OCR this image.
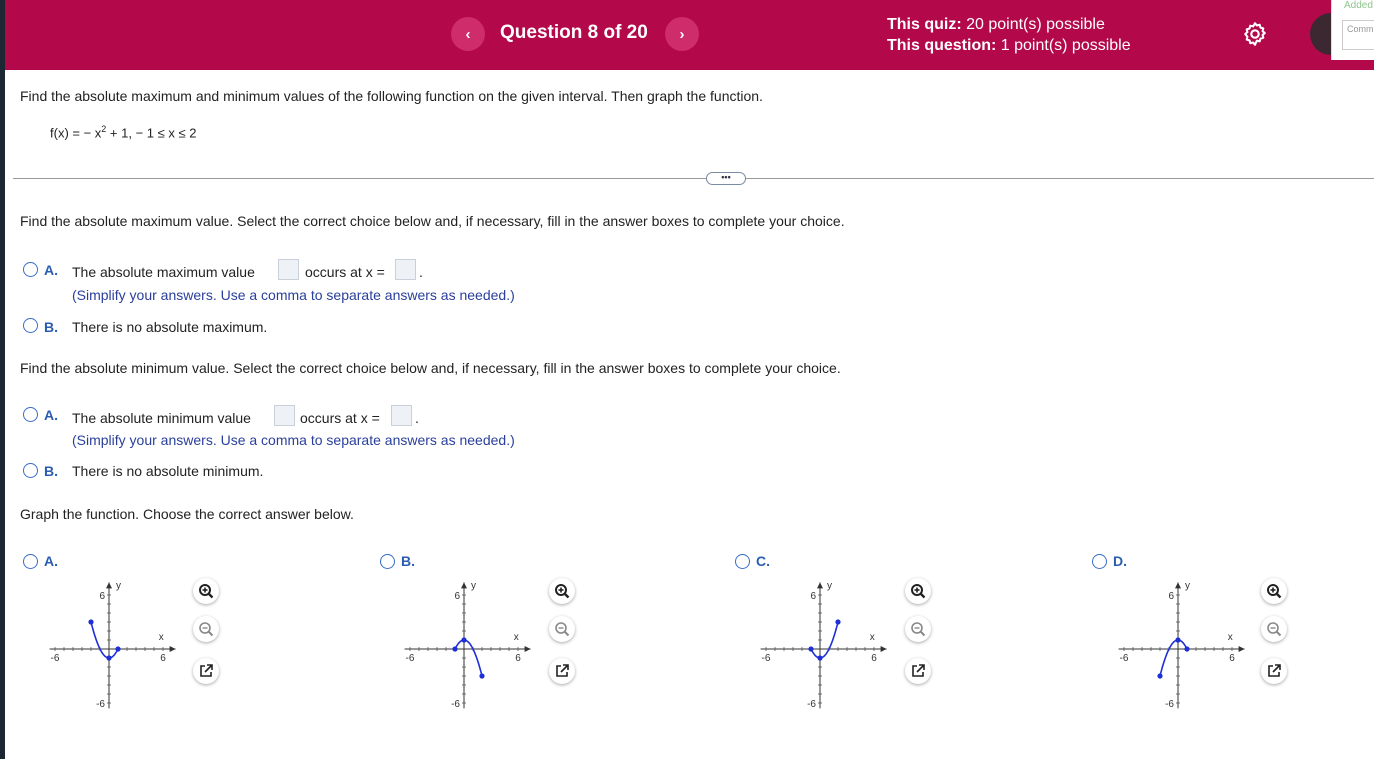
‹ Question 8 of 20 ›
This quiz: 20 point(s) possible
This question: 1 point(s) possible
Added
Comm
Find the absolute maximum and minimum values of the following function on the given interval. Then graph the function.
f(x) = − $x^2 + 1$, − 1 ≤ x ≤ 2
•••
Find the absolute maximum value. Select the correct choice below and, if necessary, fill in the answer boxes to complete your choice.
A. The absolute maximum value	occurs at x = .
(Simplify your answers. Use a comma to separate answers as needed.)
B. There is no absolute maximum.
Find the absolute minimum value. Select the correct choice below and, if necessary, fill in the answer boxes to complete your choice.
A. The absolute minimum value	occurs at x =	.
(Simplify your answers. Use a comma to separate answers as needed.)
B. There is no absolute minimum.
Graph the function. Choose the correct answer below.
A.
-6	6
x
6
-6
y
B.
-6	6
x
6
-6
y
C.
-6	6
x
6
-6
y
D.
-6	6
x
6
-6
y
